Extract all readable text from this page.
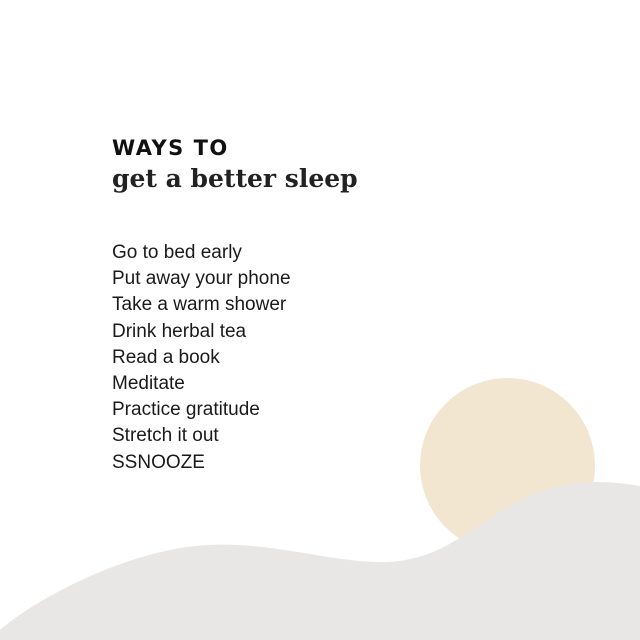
WAYS TO
get a better sleep
Go to bed early
Put away your phone
Take a warm shower
Drink herbal tea
Read a book
Meditate
Practice gratitude
Stretch it out
SSNOOZE
